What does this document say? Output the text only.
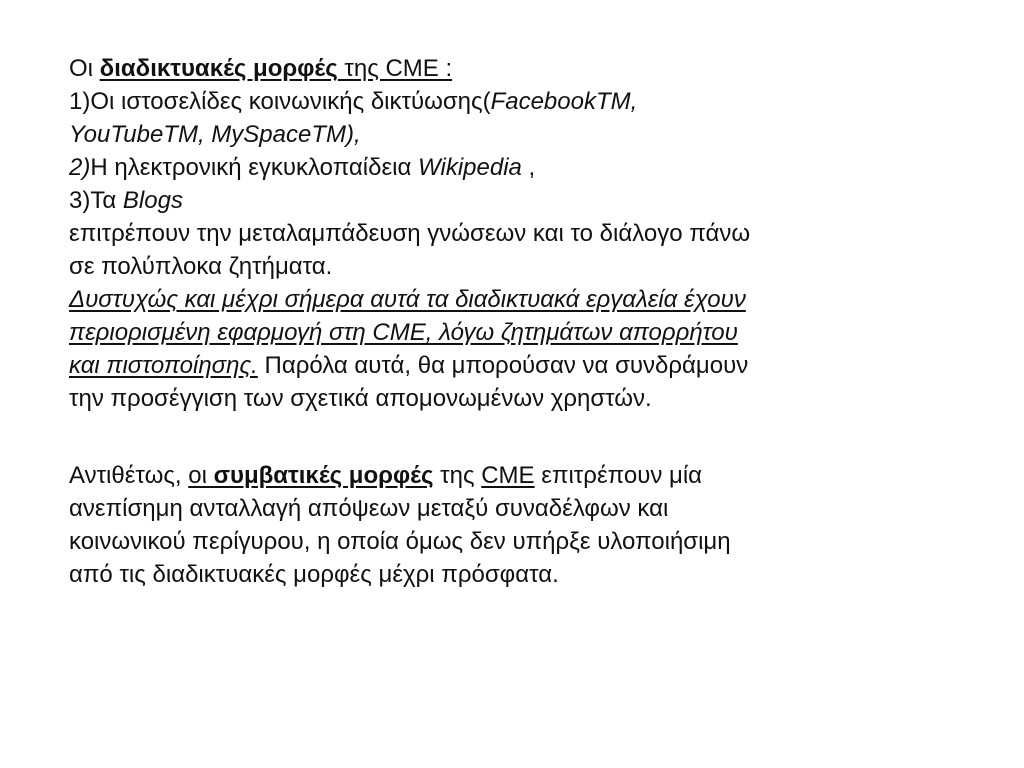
Οι διαδικτυακές μορφές της CME :
1)Οι ιστοσελίδες κοινωνικής δικτύωσης(FacebookTM,
YouTubeTM, MySpaceTM),
2)Η ηλεκτρονική εγκυκλοπαίδεια Wikipedia ,
3)Τα Blogs
επιτρέπουν την μεταλαμπάδευση γνώσεων και το διάλογο πάνω
σε πολύπλοκα ζητήματα.
Δυστυχώς και μέχρι σήμερα αυτά τα διαδικτυακά εργαλεία έχουν
περιορισμένη εφαρμογή στη CME, λόγω ζητημάτων απορρήτου
και πιστοποίησης. Παρόλα αυτά, θα μπορούσαν να συνδράμουν
την προσέγγιση των σχετικά απομονωμένων χρηστών.
Αντιθέτως, οι συμβατικές μορφές της CME επιτρέπουν μία
ανεπίσημη ανταλλαγή απόψεων μεταξύ συναδέλφων και
κοινωνικού περίγυρου, η οποία όμως δεν υπήρξε υλοποιήσιμη
από τις διαδικτυακές μορφές μέχρι πρόσφατα.
